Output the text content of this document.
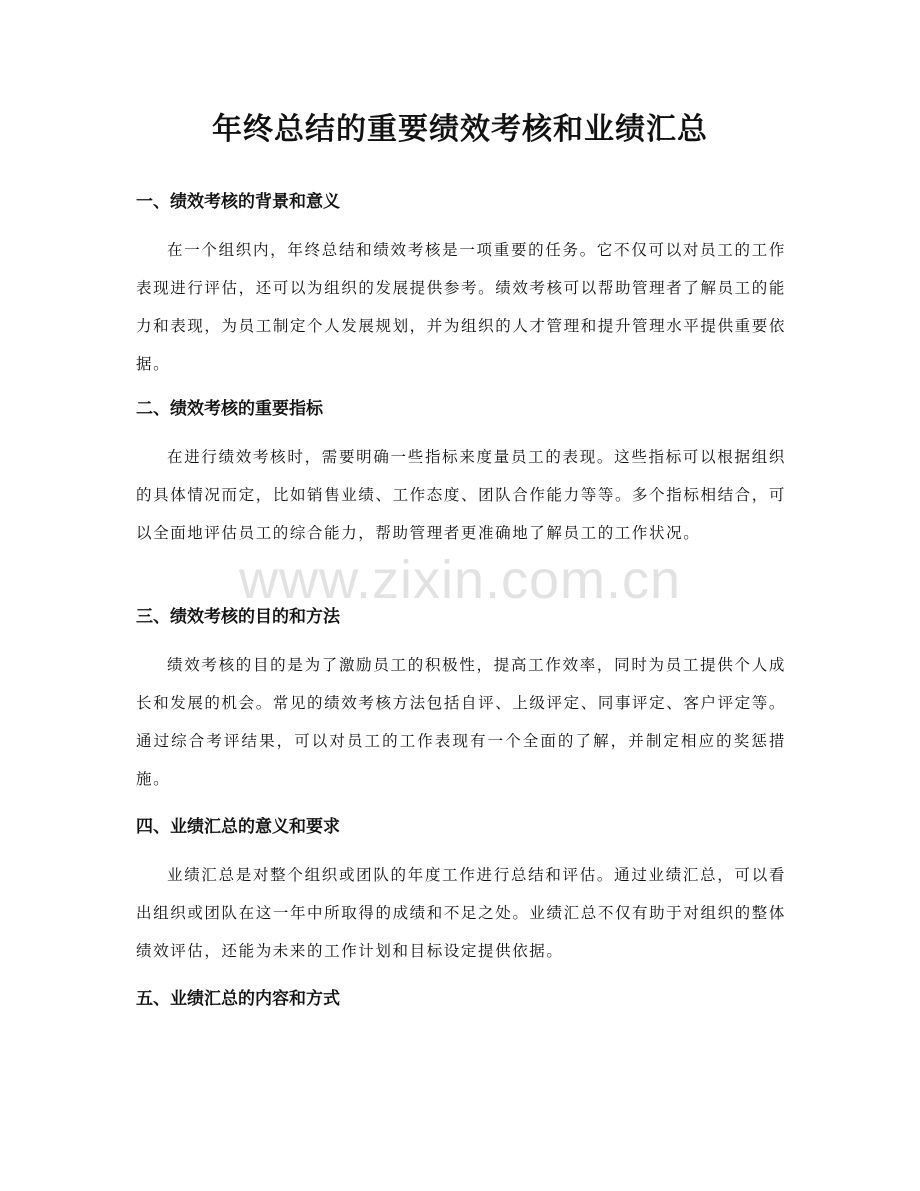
年终总结的重要绩效考核和业绩汇总
一、绩效考核的背景和意义

在一个组织内，年终总结和绩效考核是一项重要的任务。它不仅可以对员工的工作表现进行评估，还可以为组织的发展提供参考。绩效考核可以帮助管理者了解员工的能力和表现，为员工制定个人发展规划，并为组织的人才管理和提升管理水平提供重要依据。

二、绩效考核的重要指标

在进行绩效考核时，需要明确一些指标来度量员工的表现。这些指标可以根据组织的具体情况而定，比如销售业绩、工作态度、团队合作能力等等。多个指标相结合，可以全面地评估员工的综合能力，帮助管理者更准确地了解员工的工作状况。

三、绩效考核的目的和方法

绩效考核的目的是为了激励员工的积极性，提高工作效率，同时为员工提供个人成长和发展的机会。常见的绩效考核方法包括自评、上级评定、同事评定、客户评定等。通过综合考评结果，可以对员工的工作表现有一个全面的了解，并制定相应的奖惩措施。

四、业绩汇总的意义和要求

业绩汇总是对整个组织或团队的年度工作进行总结和评估。通过业绩汇总，可以看出组织或团队在这一年中所取得的成绩和不足之处。业绩汇总不仅有助于对组织的整体绩效评估，还能为未来的工作计划和目标设定提供依据。

五、业绩汇总的内容和方式
www.zixin.com.cn
